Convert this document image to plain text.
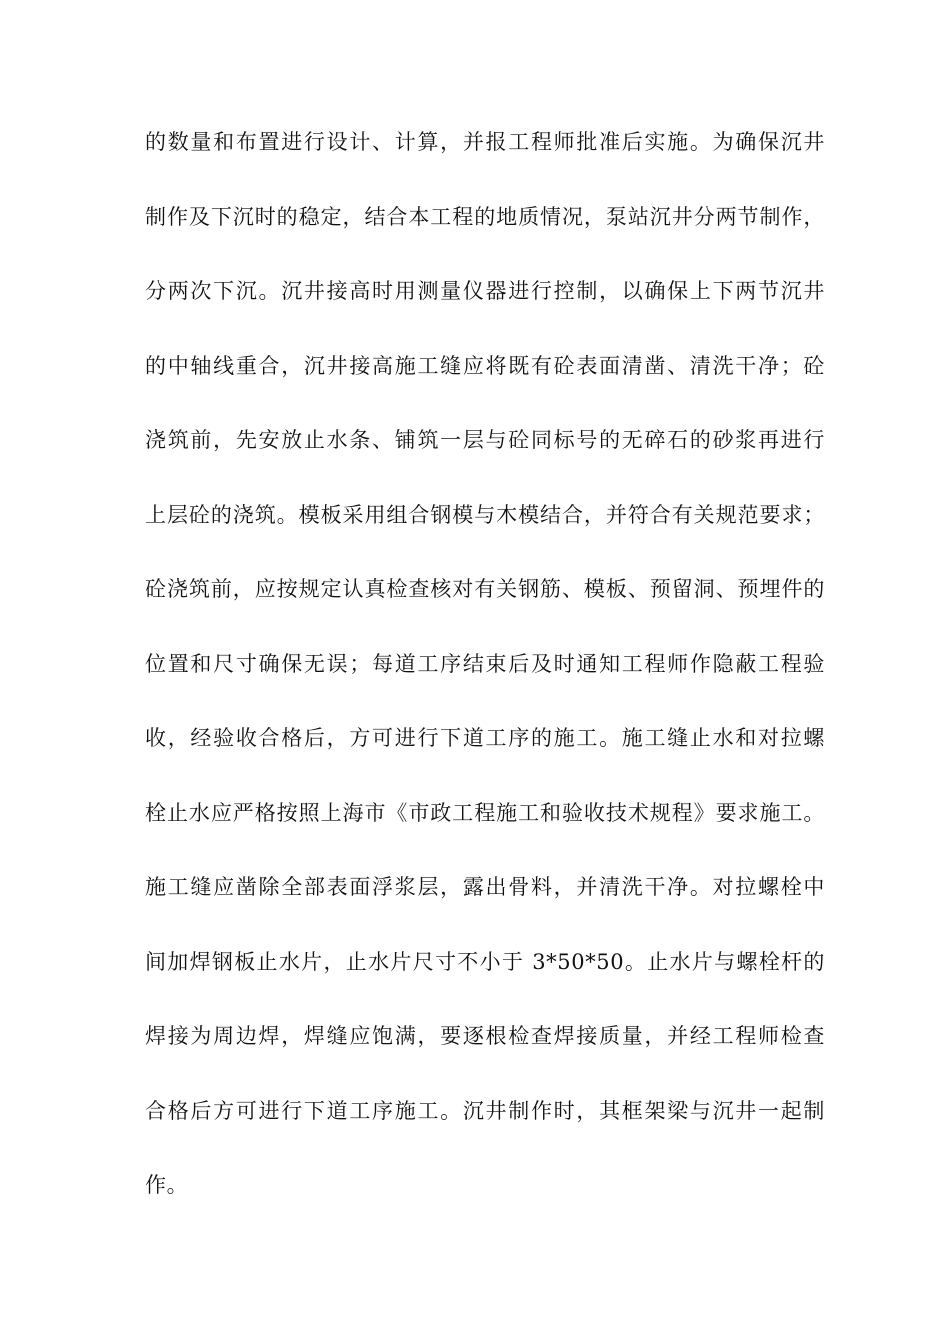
的数量和布置进行设计、计算，并报工程师批准后实施。为确保沉井
制作及下沉时的稳定，结合本工程的地质情况，泵站沉井分两节制作，
分两次下沉。沉井接高时用测量仪器进行控制，以确保上下两节沉井
的中轴线重合，沉井接高施工缝应将既有砼表面清凿、清洗干净；砼
浇筑前，先安放止水条、铺筑一层与砼同标号的无碎石的砂浆再进行
上层砼的浇筑。模板采用组合钢模与木模结合，并符合有关规范要求；
砼浇筑前，应按规定认真检查核对有关钢筋、模板、预留洞、预埋件的
位置和尺寸确保无误；每道工序结束后及时通知工程师作隐蔽工程验
收，经验收合格后，方可进行下道工序的施工。施工缝止水和对拉螺
栓止水应严格按照上海市《市政工程施工和验收技术规程》要求施工。
施工缝应凿除全部表面浮浆层，露出骨料，并清洗干净。对拉螺栓中
间加焊钢板止水片，止水片尺寸不小于 3*50*50。止水片与螺栓杆的
焊接为周边焊，焊缝应饱满，要逐根检查焊接质量，并经工程师检查
合格后方可进行下道工序施工。沉井制作时，其框架梁与沉井一起制
作。
